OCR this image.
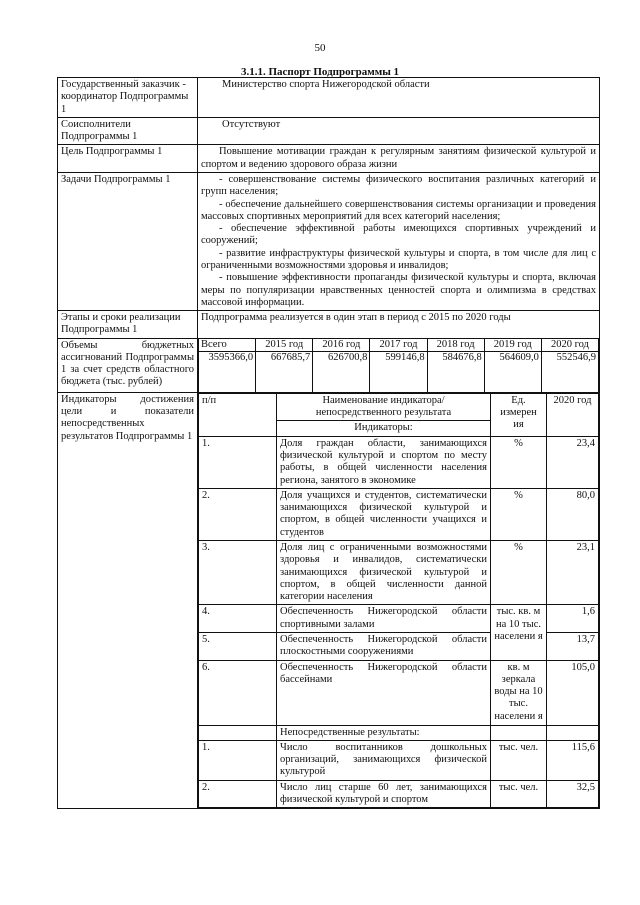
50
3.1.1. Паспорт Подпрограммы 1
Государственный заказчик - координатор Подпрограммы 1	Министерство спорта Нижегородской области
Соисполнители Подпрограммы 1	Отсутствуют
Цель Подпрограммы 1	Повышение мотивации граждан к регулярным занятиям физической культурой и спортом и ведению здорового образа жизни
Задачи Подпрограммы 1	- совершенствование системы физического воспитания различных категорий и групп населения;
- обеспечение дальнейшего совершенствования системы организации и проведения массовых спортивных мероприятий для всех категорий населения;
- обеспечение эффективной работы имеющихся спортивных учреждений и сооружений;
- развитие инфраструктуры физической культуры и спорта, в том числе для лиц с ограниченными возможностями здоровья и инвалидов;
- повышение эффективности пропаганды физической культуры и спорта, включая меры по популяризации нравственных ценностей спорта и олимпизма в средствах массовой информации.

Этапы и сроки реализации Подпрограммы 1	Подпрограмма реализуется в один этап в период с 2015 по 2020 годы
Объемы бюджетных ассигнований Подпрограммы 1 за счет средств областного бюджета (тыс. рублей)	
Всего	2015 год	2016 год	2017 год	2018 год	2019 год	2020 год
3595366,0	667685,7	626700,8	599146,8	584676,8	564609,0	552546,9

Индикаторы достижения цели и показатели непосредственных результатов Подпрограммы 1	
п/п	Наименование индикатора/непосредственного результата	Ед. измерен ия	2020 год
Индикаторы:
1.	Доля граждан области, занимающихся физической культурой и спортом по месту работы, в общей численности населения региона, занятого в экономике	%	23,4
2.	Доля учащихся и студентов, систематически занимающихся физической культурой и спортом, в общей численности учащихся и студентов	%	80,0
3.	Доля лиц с ограниченными возможностями здоровья и инвалидов, систематически занимающихся физической культурой и спортом, в общей численности данной категории населения	%	23,1
4.	Обеспеченность Нижегородской области спортивными залами	тыс. кв. м на 10 тыс. населени я	1,6
5.	Обеспеченность Нижегородской области плоскостными сооружениями	13,7
6.	Обеспеченность Нижегородской области бассейнами	кв. м зеркала воды на 10 тыс. населени я	105,0
	Непосредственные результаты:		
1.	Число воспитанников дошкольных организаций, занимающихся физической культурой	тыс. чел.	115,6
2.	Число лиц старше 60 лет, занимающихся физической культурой и спортом	тыс. чел.	32,5
